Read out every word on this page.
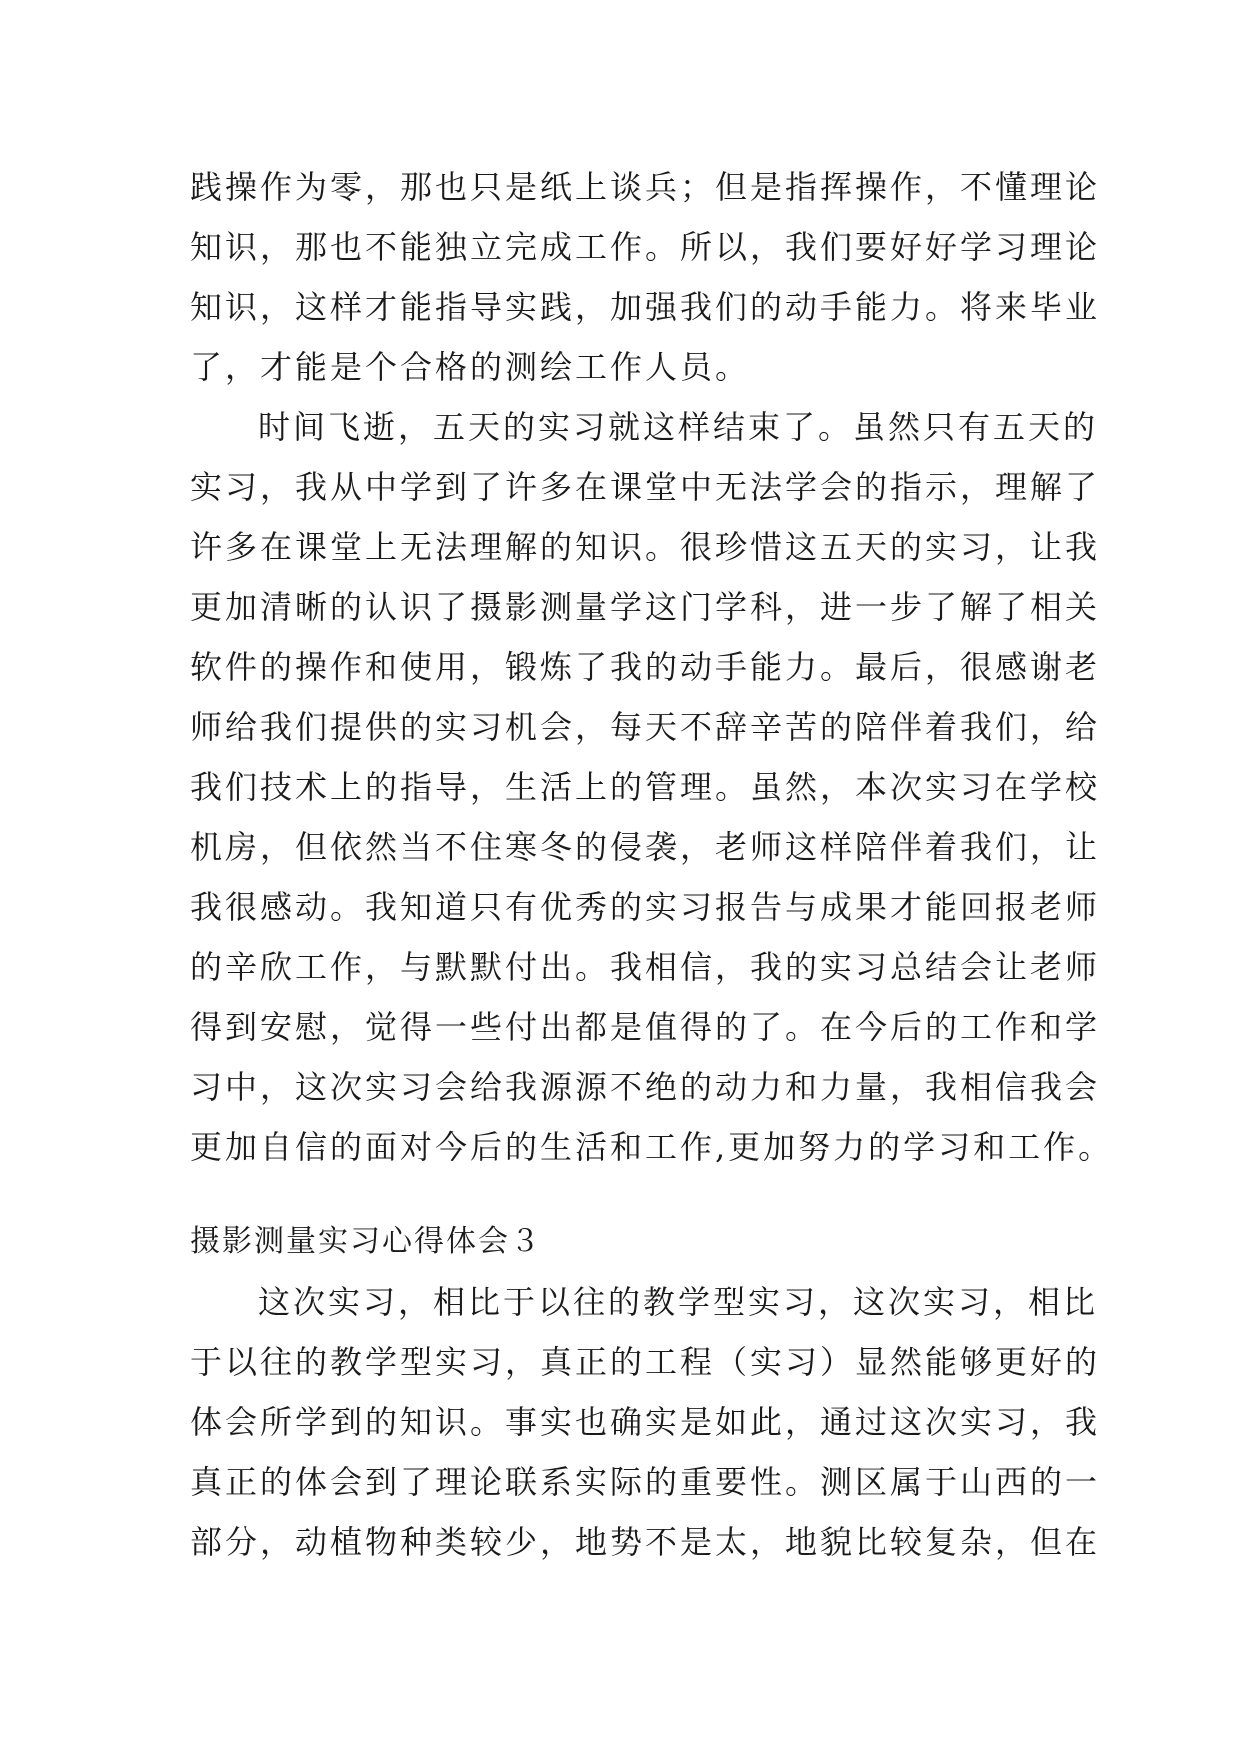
践操作为零，那也只是纸上谈兵；但是指挥操作，不懂理论
知识，那也不能独立完成工作。所以，我们要好好学习理论
知识，这样才能指导实践，加强我们的动手能力。将来毕业
了，才能是个合格的测绘工作人员。
时间飞逝，五天的实习就这样结束了。虽然只有五天的
实习，我从中学到了许多在课堂中无法学会的指示，理解了
许多在课堂上无法理解的知识。很珍惜这五天的实习，让我
更加清晰的认识了摄影测量学这门学科，进一步了解了相关
软件的操作和使用，锻炼了我的动手能力。最后，很感谢老
师给我们提供的实习机会，每天不辞辛苦的陪伴着我们，给
我们技术上的指导，生活上的管理。虽然，本次实习在学校
机房，但依然当不住寒冬的侵袭，老师这样陪伴着我们，让
我很感动。我知道只有优秀的实习报告与成果才能回报老师
的辛欣工作，与默默付出。我相信，我的实习总结会让老师
得到安慰，觉得一些付出都是值得的了。在今后的工作和学
习中，这次实习会给我源源不绝的动力和力量，我相信我会
更加自信的面对今后的生活和工作,更加努力的学习和工作。
摄影测量实习心得体会３
这次实习，相比于以往的教学型实习，这次实习，相比
于以往的教学型实习，真正的工程（实习）显然能够更好的
体会所学到的知识。事实也确实是如此，通过这次实习，我
真正的体会到了理论联系实际的重要性。测区属于山西的一
部分，动植物种类较少，地势不是太，地貌比较复杂，但在
